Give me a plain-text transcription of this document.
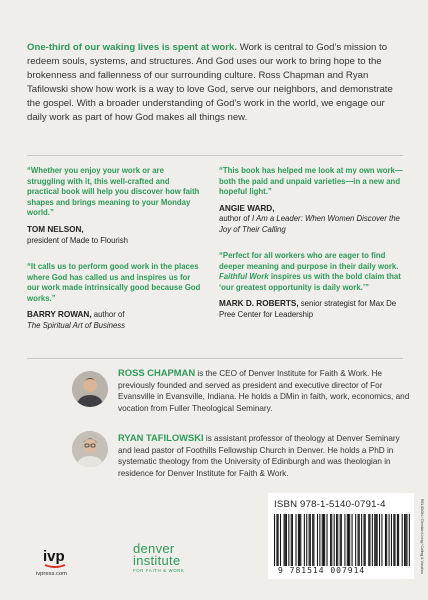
One-third of our waking lives is spent at work. Work is central to God’s mission to redeem souls, systems, and structures. And God uses our work to bring hope to the brokenness and fallenness of our surrounding culture. Ross Chapman and Ryan Tafilowski show how work is a way to love God, serve our neighbors, and demonstrate the gospel. With a broader understanding of God’s work in the world, we engage our daily work as part of how God makes all things new.

“Whether you enjoy your work or are struggling with it, this well-crafted and practical book will help you discover how faith shapes and brings meaning to your Monday world.”
TOM NELSON,
president of Made to Flourish
“This book has helped me look at my own work—both the paid and unpaid varieties—in a new and hopeful light.”
ANGIE WARD,
author of I Am a Leader: When Women Discover the Joy of Their Calling
“It calls us to perform good work in the places where God has called us and inspires us for our work made intrinsically good because God works.”
BARRY ROWAN, author of
The Spiritual Art of Business
“Perfect for all workers who are eager to find deeper meaning and purpose in their daily work. Faithful Work inspires us with the bold claim that ‘our greatest opportunity is daily work.’”
MARK D. ROBERTS, senior strategist for Max De Pree Center for Leadership

ROSS CHAPMAN is the CEO of Denver Institute for Faith & Work. He previously founded and served as president and executive director of For Evansville in Evansville, Indiana. He holds a DMin in faith, work, economics, and vocation from Fuller Theological Seminary.

RYAN TAFILOWSKI is assistant professor of theology at Denver Seminary and lead pastor of Foothills Fellowship Church in Denver. He holds a PhD in systematic theology from the University of Edinburgh and was theologian in residence for Denver Institute for Faith & Work.

ivp
ivpress.com
denver
institute
FOR FAITH & WORK
ISBN 978-1-5140-0791-4
9 781514 007914	RELIGION / Christian Living / Calling & Vocation
